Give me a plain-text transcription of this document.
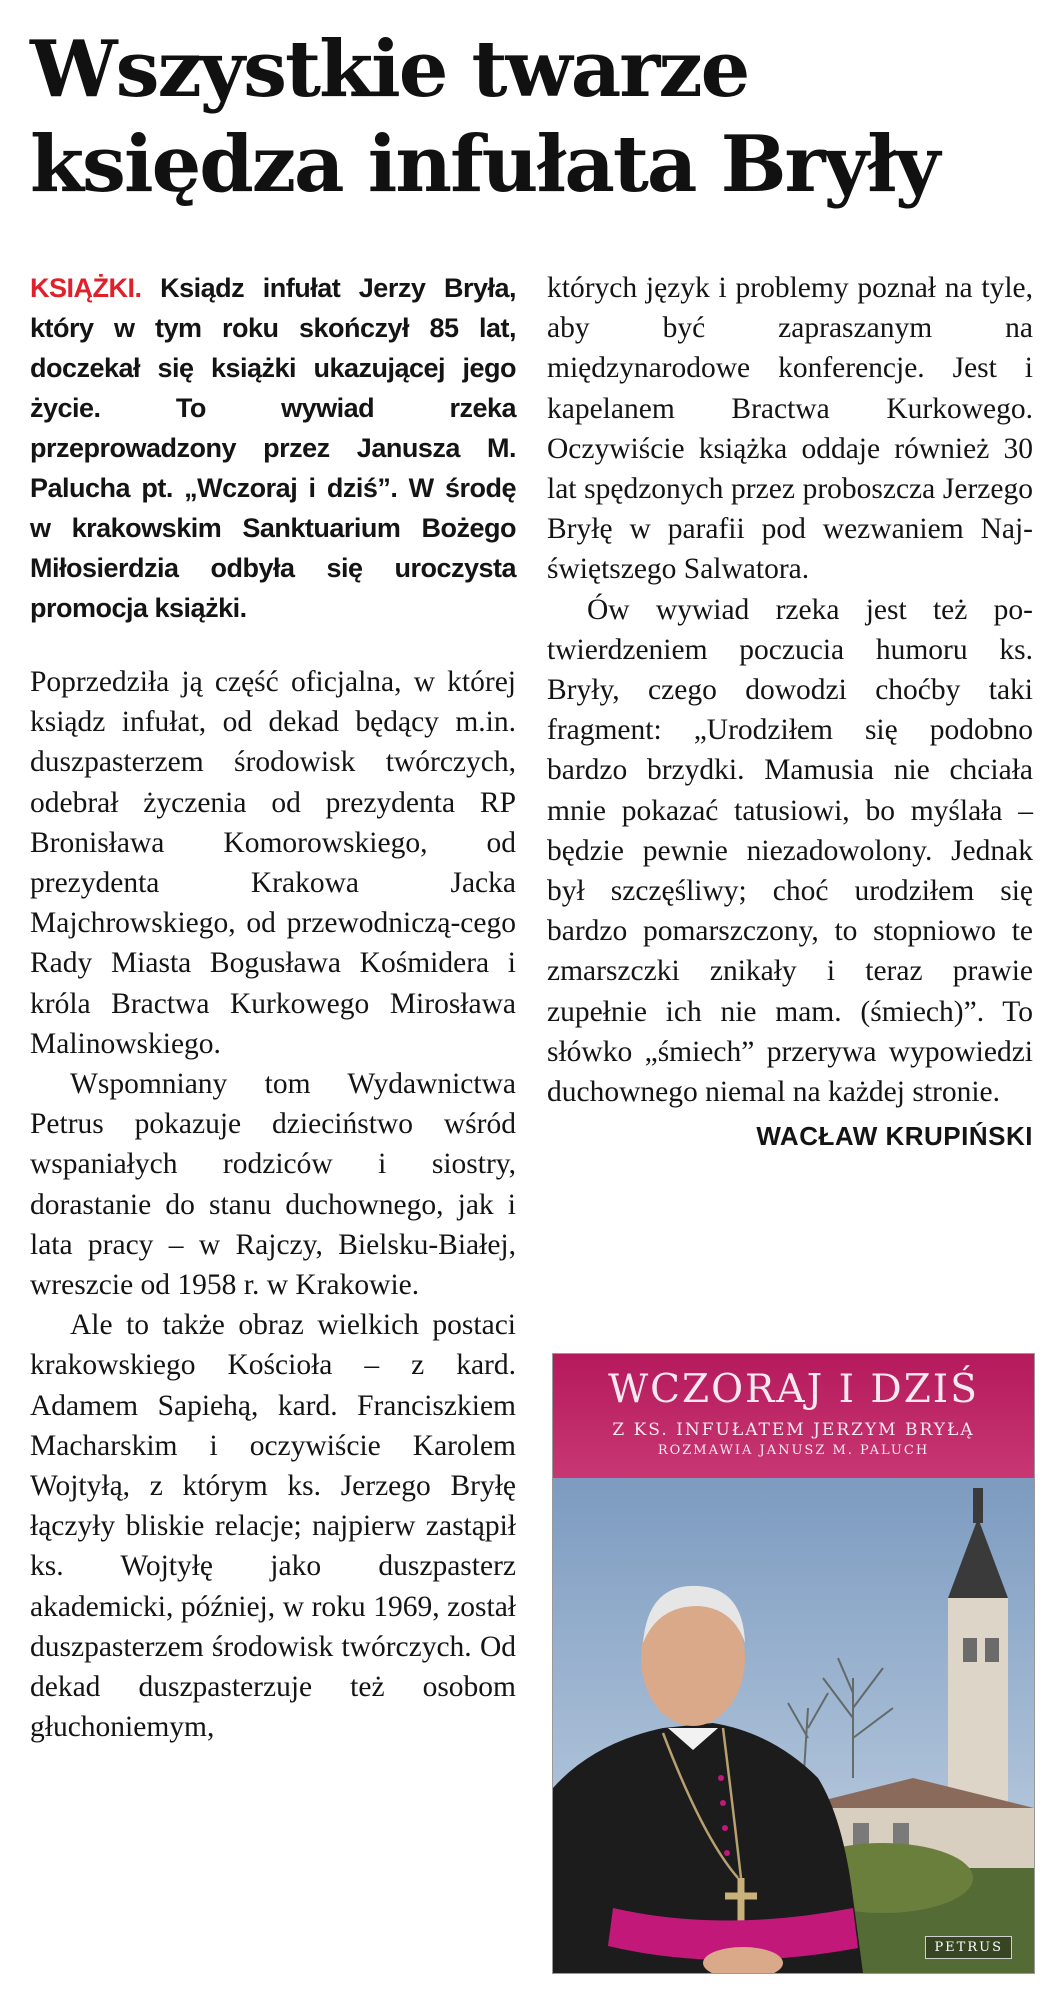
Wszystkie twarze
księdza infułata Bryły

KSIĄŻKI. Ksiądz infułat Jerzy Bryła, który w tym roku skończył 85 lat, doczekał się książki ukazującej jego życie. To wywiad rzeka przeprowadzony przez Janusza M. Palucha pt. „Wczoraj i dziś”. W środę w krakowskim Sanktuarium Bożego Miłosierdzia odbyła się uroczysta promocja książki.

Poprzedziła ją część oficjalna, w której ksiądz infułat, od dekad będący m.in. duszpasterzem środowisk twórczych, odebrał życzenia od prezydenta RP Bronisława Komorowskiego, od prezydenta Krakowa Jacka Majchrowskiego, od przewodniczą-cego Rady Miasta Bogusława Kośmidera i króla Bractwa Kurkowego Mirosława Malinowskiego.

Wspomniany tom Wydawnictwa Petrus pokazuje dzieciństwo wśród wspaniałych rodziców i siostry, dorastanie do stanu duchownego, jak i lata pracy – w Rajczy, Bielsku-Białej, wreszcie od 1958 r. w Krakowie.

Ale to także obraz wielkich postaci krakowskiego Kościoła – z kard. Adamem Sapiehą, kard. Franciszkiem Macharskim i oczywiście Karolem Wojtyłą, z którym ks. Jerzego Bryłę łączyły bliskie relacje; najpierw zastąpił ks. Wojtyłę jako duszpasterz akademicki, później, w roku 1969, został duszpasterzem środowisk twórczych. Od dekad duszpasterzuje też osobom głuchoniemym,

których język i problemy poznał na tyle, aby być zapraszanym na międzynarodowe konferencje. Jest i kapelanem Bractwa Kurkowego. Oczywiście książka oddaje również 30 lat spędzonych przez proboszcza Jerzego Bryłę w parafii pod wezwaniem Najświętszego Salwatora.

Ów wywiad rzeka jest też potwierdzeniem poczucia humoru ks. Bryły, czego dowodzi choćby taki fragment: „Urodziłem się podobno bardzo brzydki. Mamusia nie chciała mnie pokazać tatusiowi, bo myślała – będzie pewnie niezadowolony. Jednak był szczęśliwy; choć urodziłem się bardzo pomarszczony, to stopniowo te zmarszczki znikały i teraz prawie zupełnie ich nie mam. (śmiech)”. To słówko „śmiech” przerywa wypowiedzi duchownego niemal na każdej stronie.

WACŁAW KRUPIŃSKI

WCZORAJ I DZIŚ
Z KS. INFUŁATEM JERZYM BRYŁĄ
ROZMAWIA JANUSZ M. PALUCH
PETRUS
